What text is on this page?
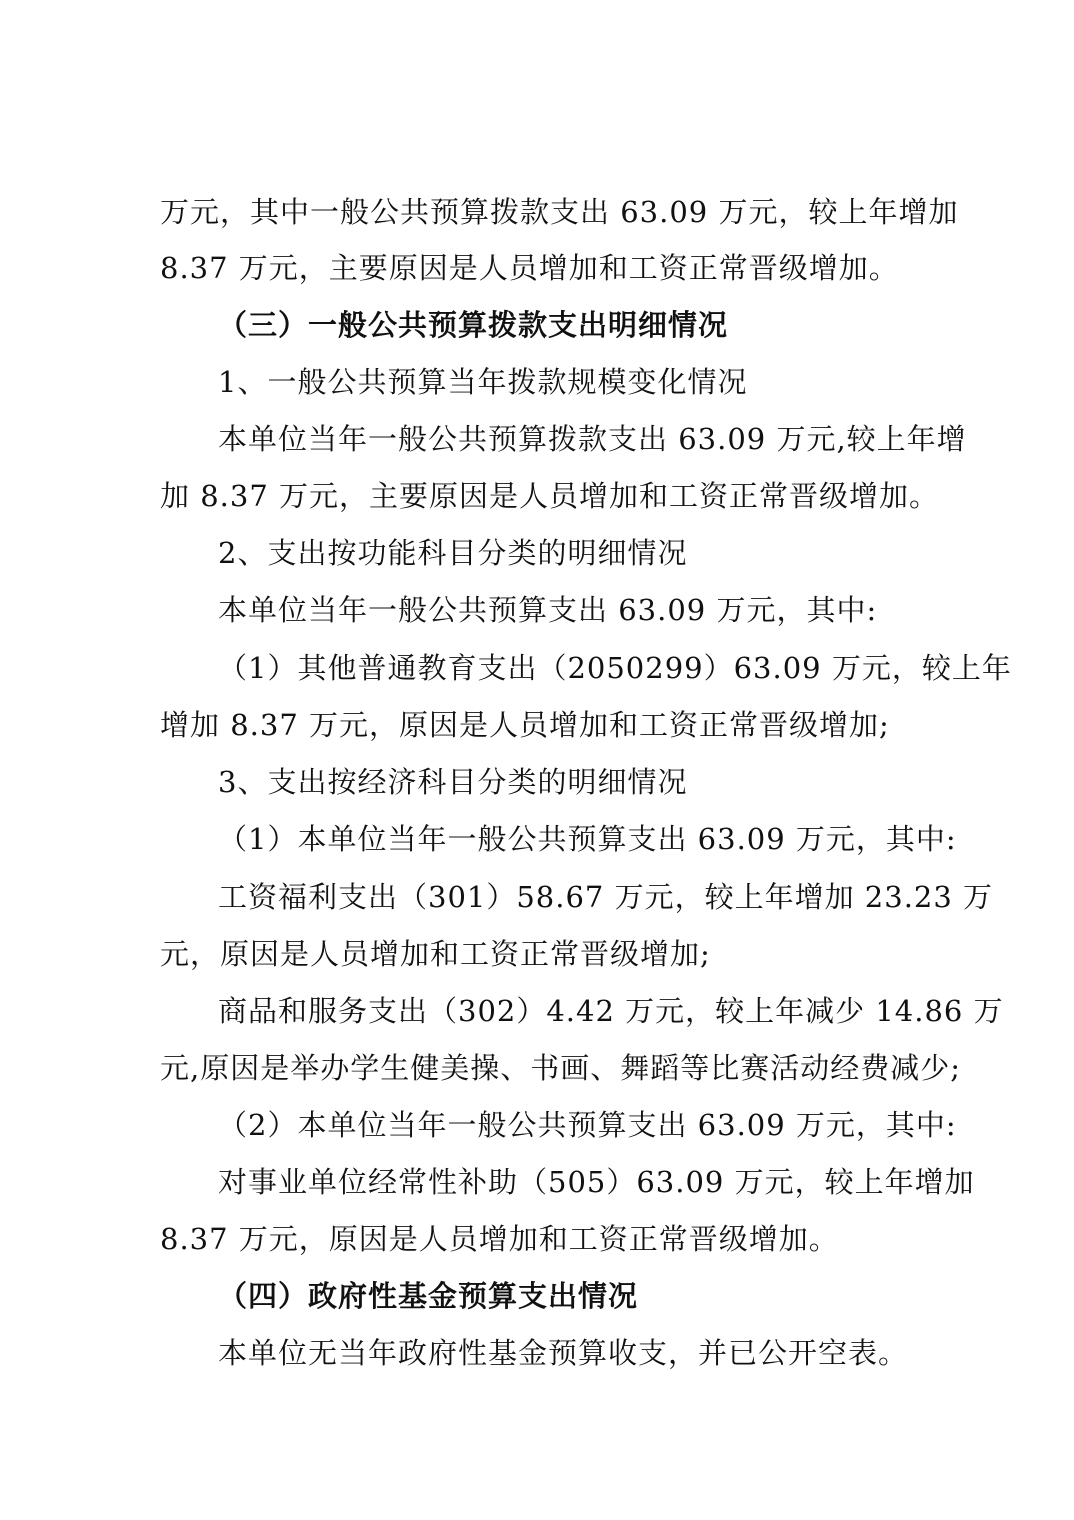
万元，其中一般公共预算拨款支出 63.09 万元，较上年增加
8.37 万元，主要原因是人员增加和工资正常晋级增加。
（三）一般公共预算拨款支出明细情况
1、一般公共预算当年拨款规模变化情况
本单位当年一般公共预算拨款支出 63.09 万元,较上年增
加 8.37 万元，主要原因是人员增加和工资正常晋级增加。
2、支出按功能科目分类的明细情况
本单位当年一般公共预算支出 63.09 万元，其中:
（1）其他普通教育支出（2050299）63.09 万元，较上年
增加 8.37 万元，原因是人员增加和工资正常晋级增加;
3、支出按经济科目分类的明细情况
（1）本单位当年一般公共预算支出 63.09 万元，其中:
工资福利支出（301）58.67 万元，较上年增加 23.23 万
元，原因是人员增加和工资正常晋级增加;
商品和服务支出（302）4.42 万元，较上年减少 14.86 万
元,原因是举办学生健美操、书画、舞蹈等比赛活动经费减少;
（2）本单位当年一般公共预算支出 63.09 万元，其中:
对事业单位经常性补助（505）63.09 万元，较上年增加
8.37 万元，原因是人员增加和工资正常晋级增加。
（四）政府性基金预算支出情况
本单位无当年政府性基金预算收支，并已公开空表。
